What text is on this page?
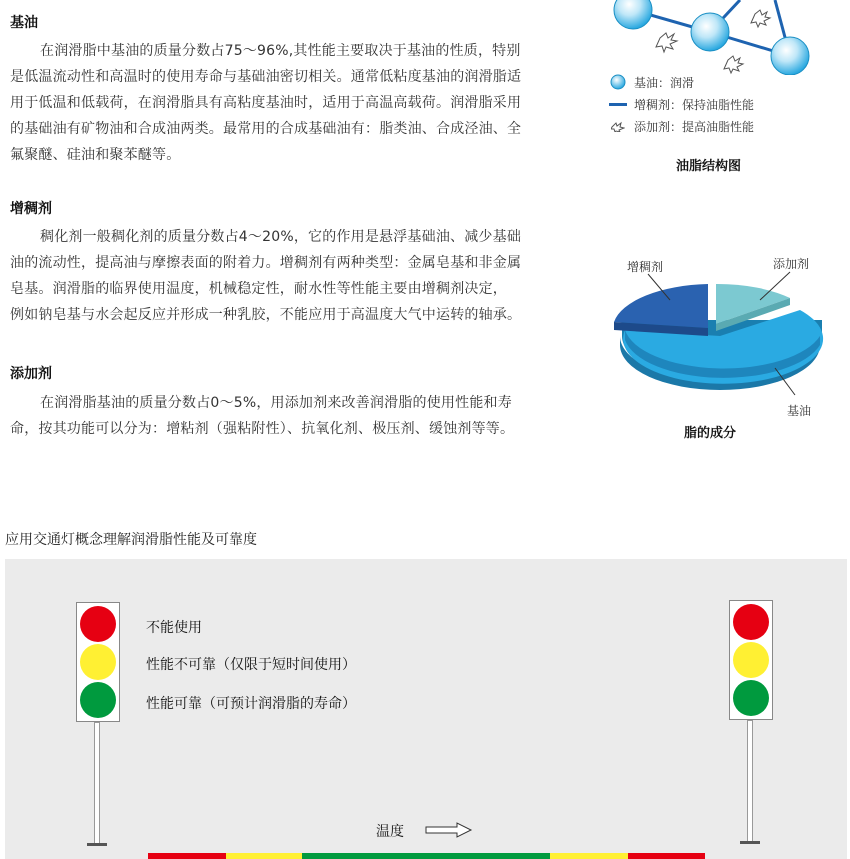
基油
在润滑脂中基油的质量分数占75～96%,其性能主要取决于基油的性质，特别
是低温流动性和高温时的使用寿命与基础油密切相关。通常低粘度基油的润滑脂适
用于低温和低载荷，在润滑脂具有高粘度基油时，适用于高温高载荷。润滑脂采用
的基础油有矿物油和合成油两类。最常用的合成基础油有：脂类油、合成泾油、全
氟聚醚、硅油和聚苯醚等。
增稠剂
稠化剂一般稠化剂的质量分数占4～20%，它的作用是悬浮基础油、减少基础
油的流动性，提高油与摩擦表面的附着力。增稠剂有两种类型：金属皂基和非金属
皂基。润滑脂的临界使用温度，机械稳定性，耐水性等性能主要由增稠剂决定，
例如钠皂基与水会起反应并形成一种乳胶，不能应用于高温度大气中运转的轴承。
添加剂
在润滑脂基油的质量分数占0～5%，用添加剂来改善润滑脂的使用性能和寿
命，按其功能可以分为：增粘剂（强粘附性）、抗氧化剂、极压剂、缓蚀剂等等。
基油：润滑
增稠剂：保持油脂性能
添加剂：提高油脂性能
油脂结构图
增稠剂	添加剂
基油
脂的成分
应用交通灯概念理解润滑脂性能及可靠度
不能使用
性能不可靠（仅限于短时间使用）
性能可靠（可预计润滑脂的寿命）
温度
